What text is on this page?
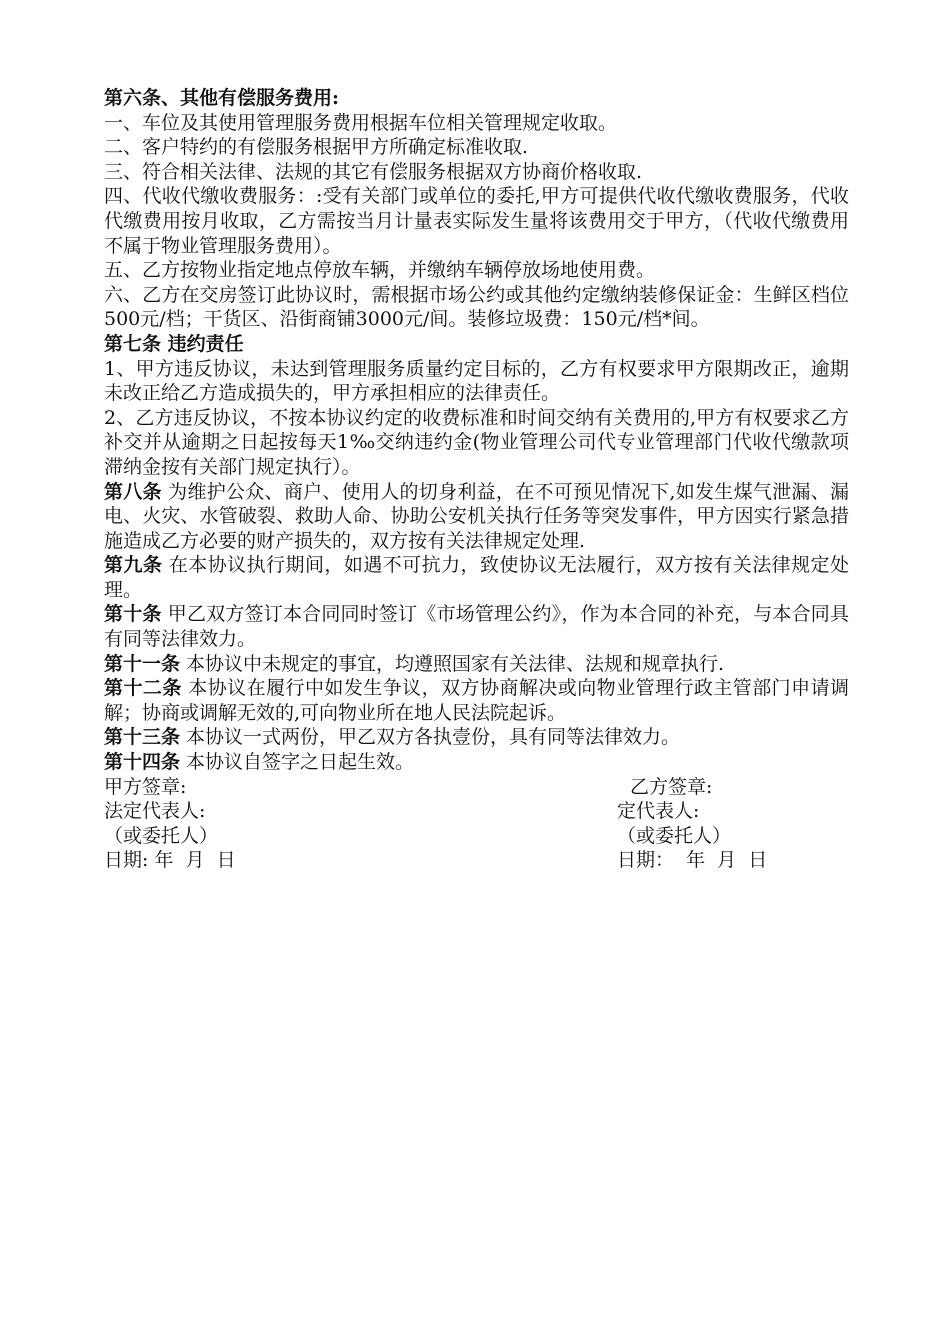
第六条、其他有偿服务费用:

一、车位及其使用管理服务费用根据车位相关管理规定收取。

二、客户特约的有偿服务根据甲方所确定标准收取.

三、符合相关法律、法规的其它有偿服务根据双方协商价格收取.

四、代收代缴收费服务：:受有关部门或单位的委托,甲方可提供代收代缴收费服务，代收代缴费用按月收取，乙方需按当月计量表实际发生量将该费用交于甲方，（代收代缴费用不属于物业管理服务费用）。

五、乙方按物业指定地点停放车辆，并缴纳车辆停放场地使用费。

六、乙方在交房签订此协议时，需根据市场公约或其他约定缴纳装修保证金：生鲜区档位500元/档；干货区、沿街商铺3000元/间。装修垃圾费：150元/档*间。

第七条 违约责任

1、甲方违反协议，未达到管理服务质量约定目标的，乙方有权要求甲方限期改正，逾期未改正给乙方造成损失的，甲方承担相应的法律责任。

2、乙方违反协议，不按本协议约定的收费标准和时间交纳有关费用的,甲方有权要求乙方补交并从逾期之日起按每天1‰交纳违约金(物业管理公司代专业管理部门代收代缴款项滞纳金按有关部门规定执行）。

第八条 为维护公众、商户、使用人的切身利益，在不可预见情况下,如发生煤气泄漏、漏电、火灾、水管破裂、救助人命、协助公安机关执行任务等突发事件，甲方因实行紧急措施造成乙方必要的财产损失的，双方按有关法律规定处理.

第九条 在本协议执行期间，如遇不可抗力，致使协议无法履行，双方按有关法律规定处理。

第十条 甲乙双方签订本合同同时签订《市场管理公约》，作为本合同的补充，与本合同具有同等法律效力。

第十一条 本协议中未规定的事宜，均遵照国家有关法律、法规和规章执行.

第十二条 本协议在履行中如发生争议，双方协商解决或向物业管理行政主管部门申请调解；协商或调解无效的,可向物业所在地人民法院起诉。

第十三条 本协议一式两份，甲乙双方各执壹份，具有同等法律效力。

第十四条 本协议自签字之日起生效。

甲方签章:

	乙方签章:

法定代表人:

	定代表人:

（或委托人）

	（或委托人）

日期: 年  月  日

	日期：  年  月  日
